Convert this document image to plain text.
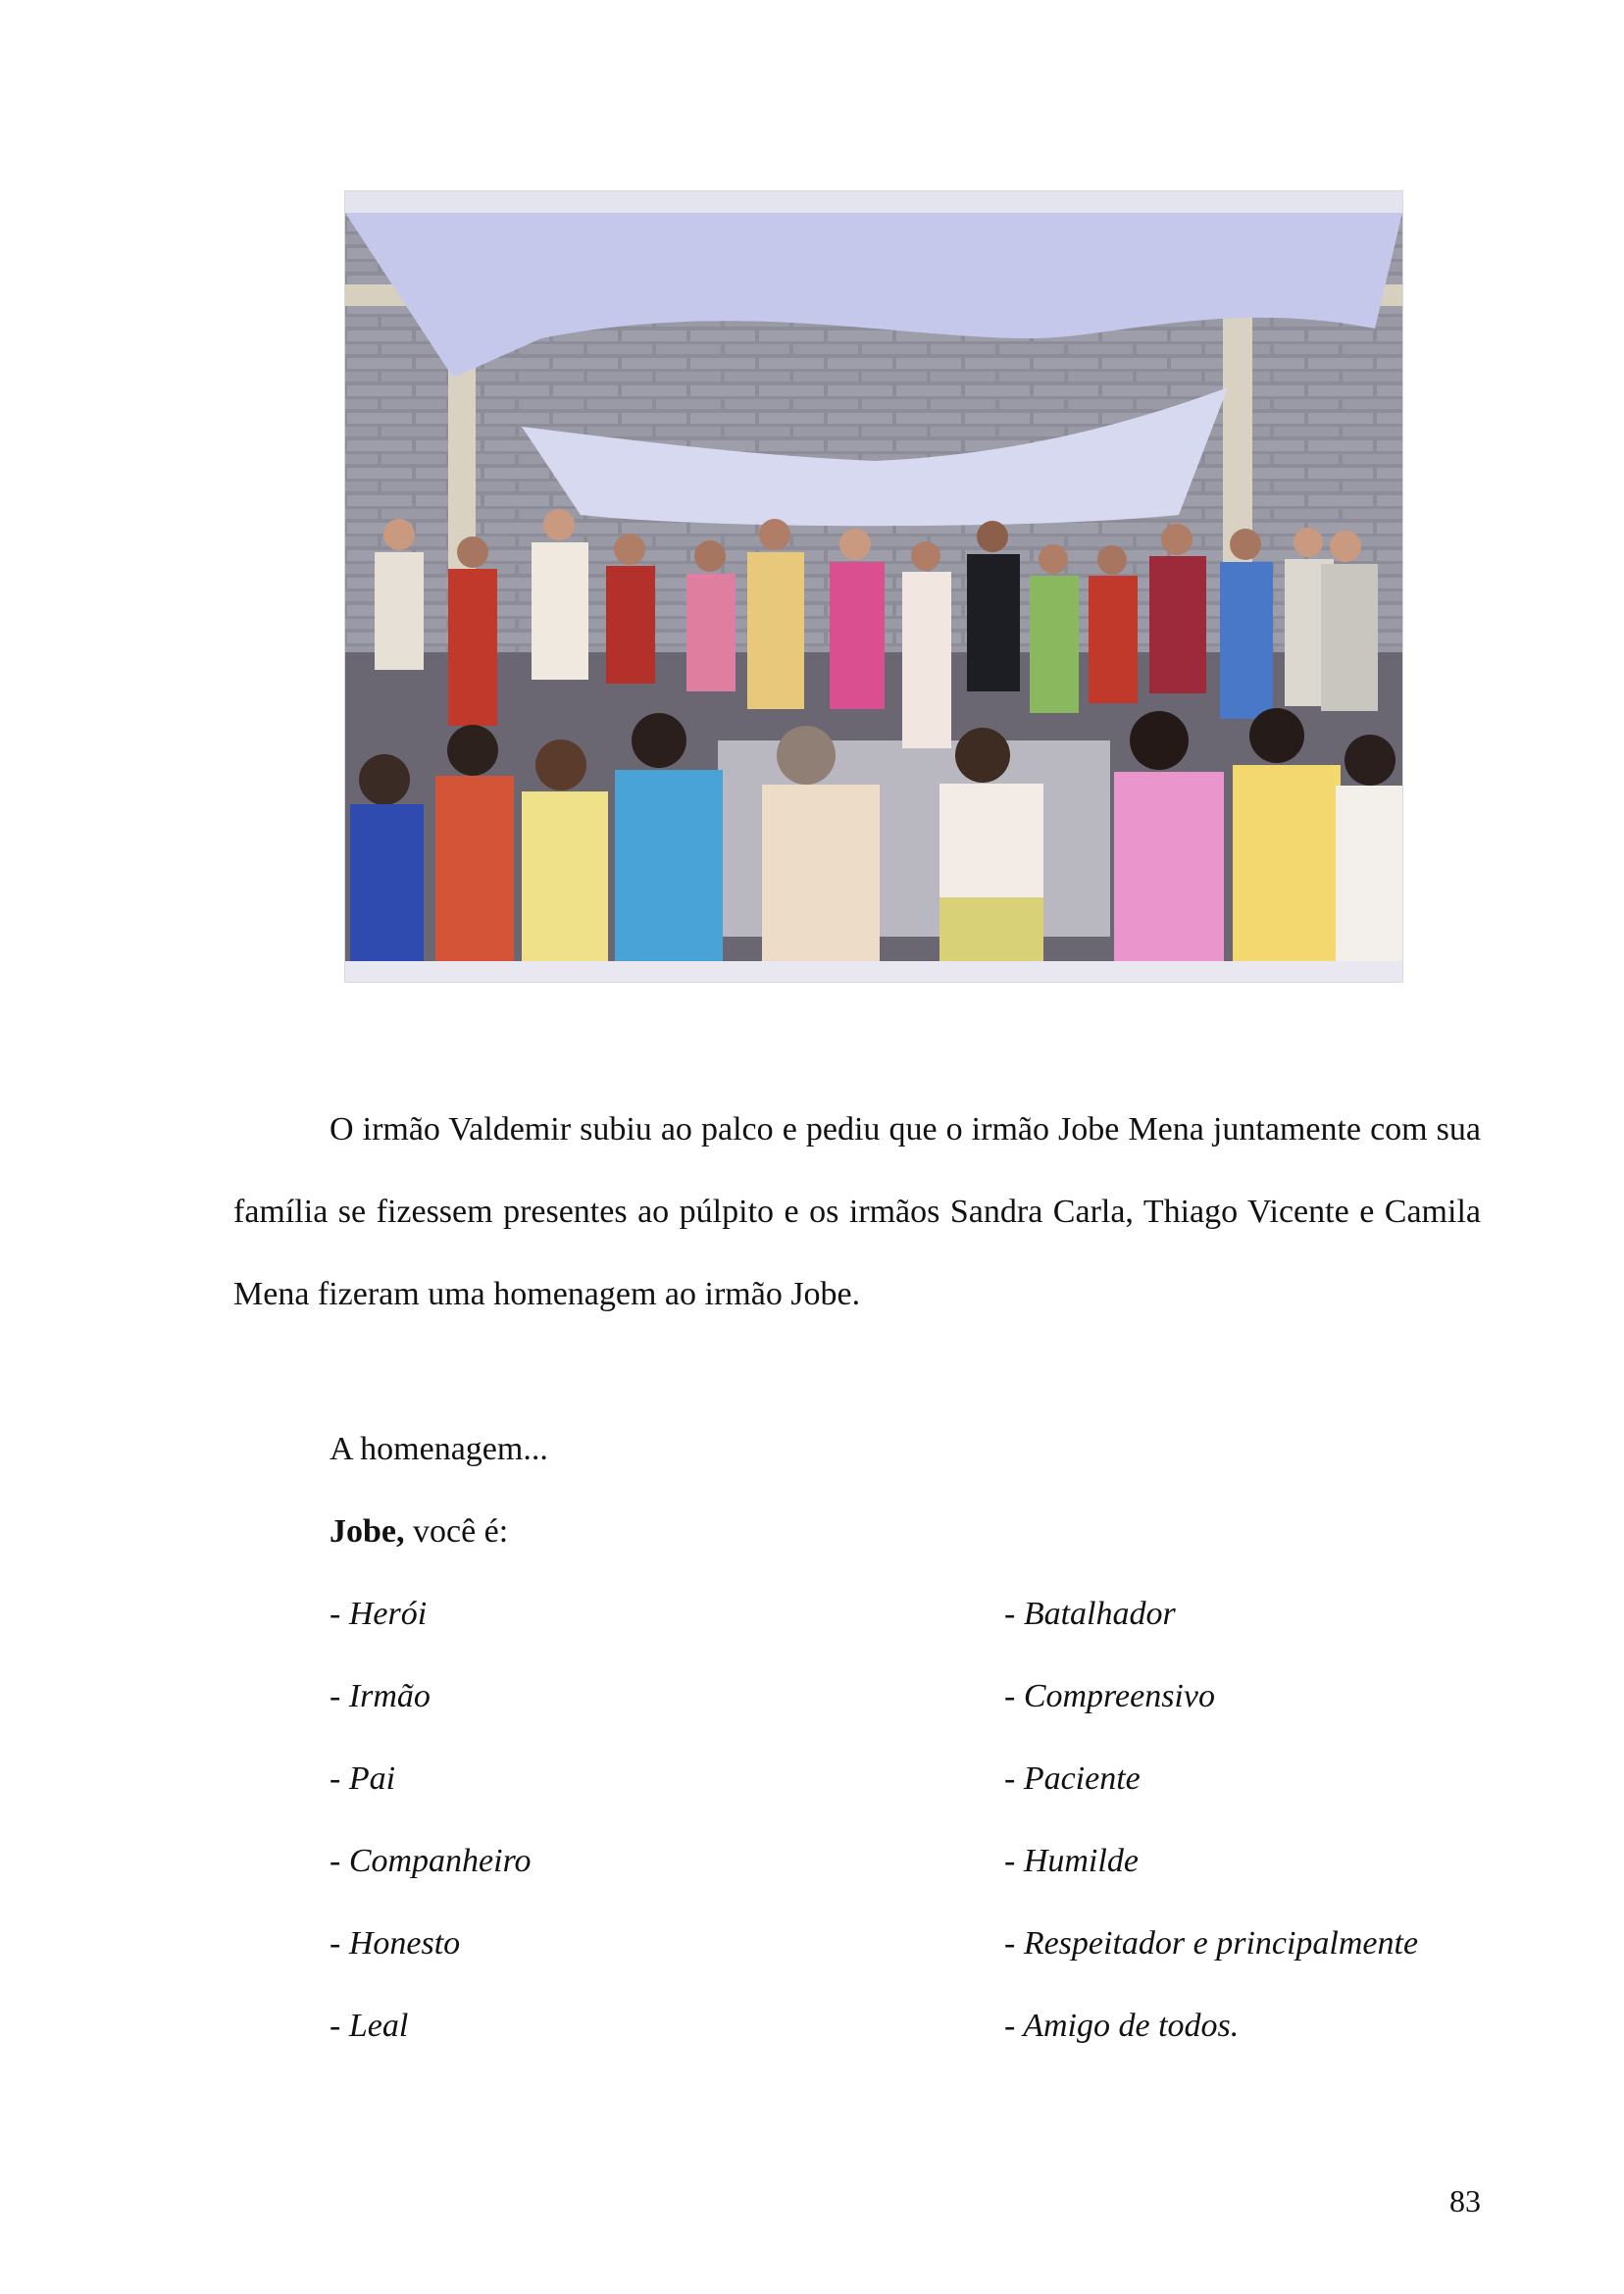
O irmão Valdemir subiu ao palco e pediu que o irmão Jobe Mena juntamente com sua família se fizessem presentes ao púlpito e os irmãos Sandra Carla, Thiago Vicente e Camila Mena fizeram uma homenagem ao irmão Jobe.

A homenagem...
Jobe, você é:
- Herói
- Irmão
- Pai
- Companheiro
- Honesto
- Leal
- Batalhador
- Compreensivo
- Paciente
- Humilde
- Respeitador e principalmente
- Amigo de todos.
83
